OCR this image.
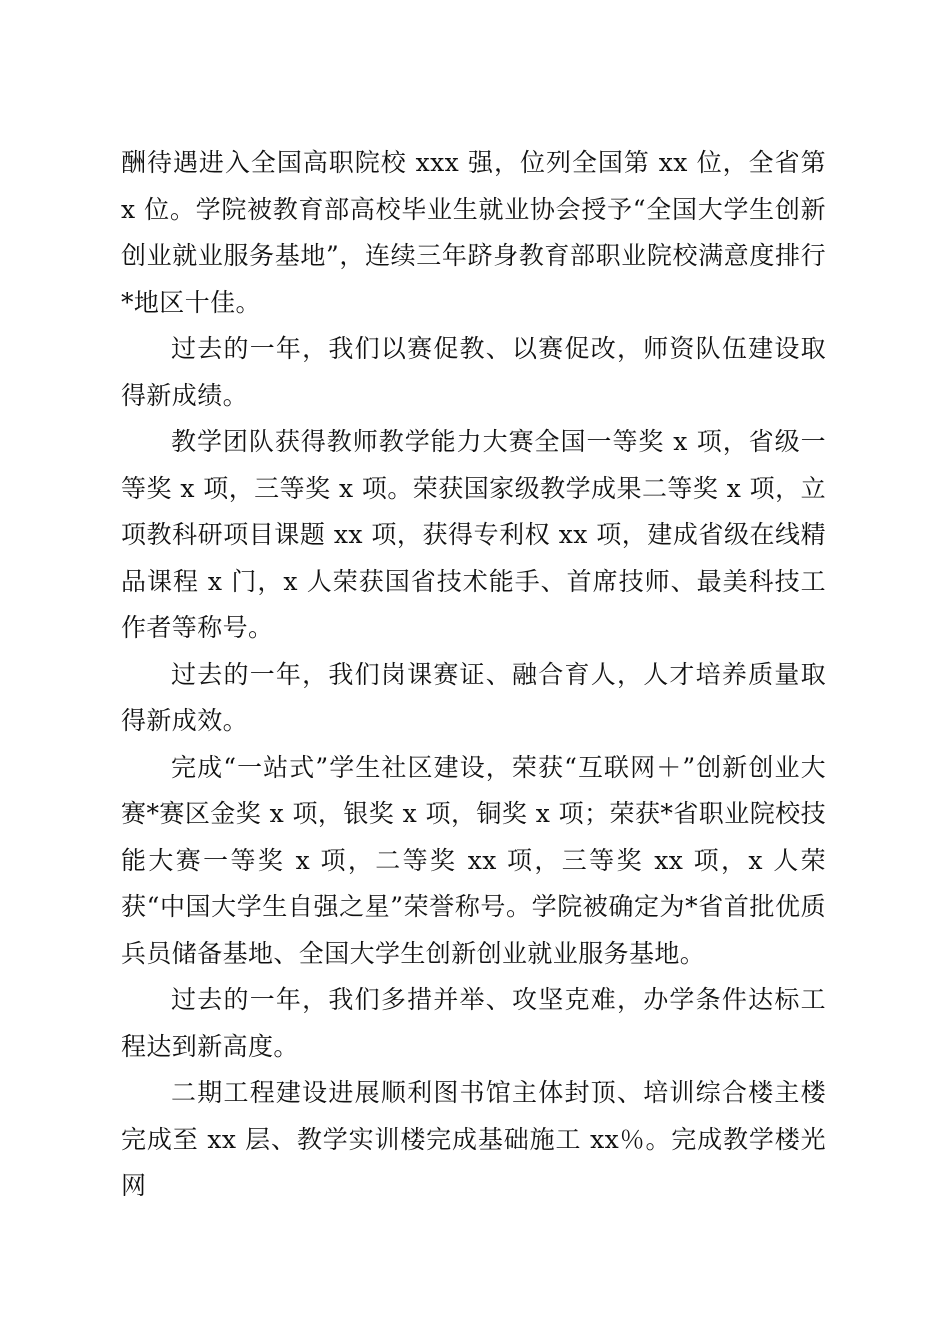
酬待遇进入全国高职院校 xxx 强，位列全国第 xx 位，全省第 x 位。学院被教育部高校毕业生就业协会授予“全国大学生创新创业就业服务基地”，连续三年跻身教育部职业院校满意度排行*地区十佳。

过去的一年，我们以赛促教、以赛促改，师资队伍建设取得新成绩。

教学团队获得教师教学能力大赛全国一等奖 x 项，省级一等奖 x 项，三等奖 x 项。荣获国家级教学成果二等奖 x 项，立项教科研项目课题 xx 项，获得专利权 xx 项，建成省级在线精品课程 x 门，x 人荣获国省技术能手、首席技师、最美科技工作者等称号。

过去的一年，我们岗课赛证、融合育人，人才培养质量取得新成效。

完成“一站式”学生社区建设，荣获“互联网＋”创新创业大赛*赛区金奖 x 项，银奖 x 项，铜奖 x 项；荣获*省职业院校技能大赛一等奖 x 项，二等奖 xx 项，三等奖 xx 项，x 人荣获“中国大学生自强之星”荣誉称号。学院被确定为*省首批优质兵员储备基地、全国大学生创新创业就业服务基地。

过去的一年，我们多措并举、攻坚克难，办学条件达标工程达到新高度。

二期工程建设进展顺利图书馆主体封顶、培训综合楼主楼完成至 xx 层、教学实训楼完成基础施工 xx％。完成教学楼光网
